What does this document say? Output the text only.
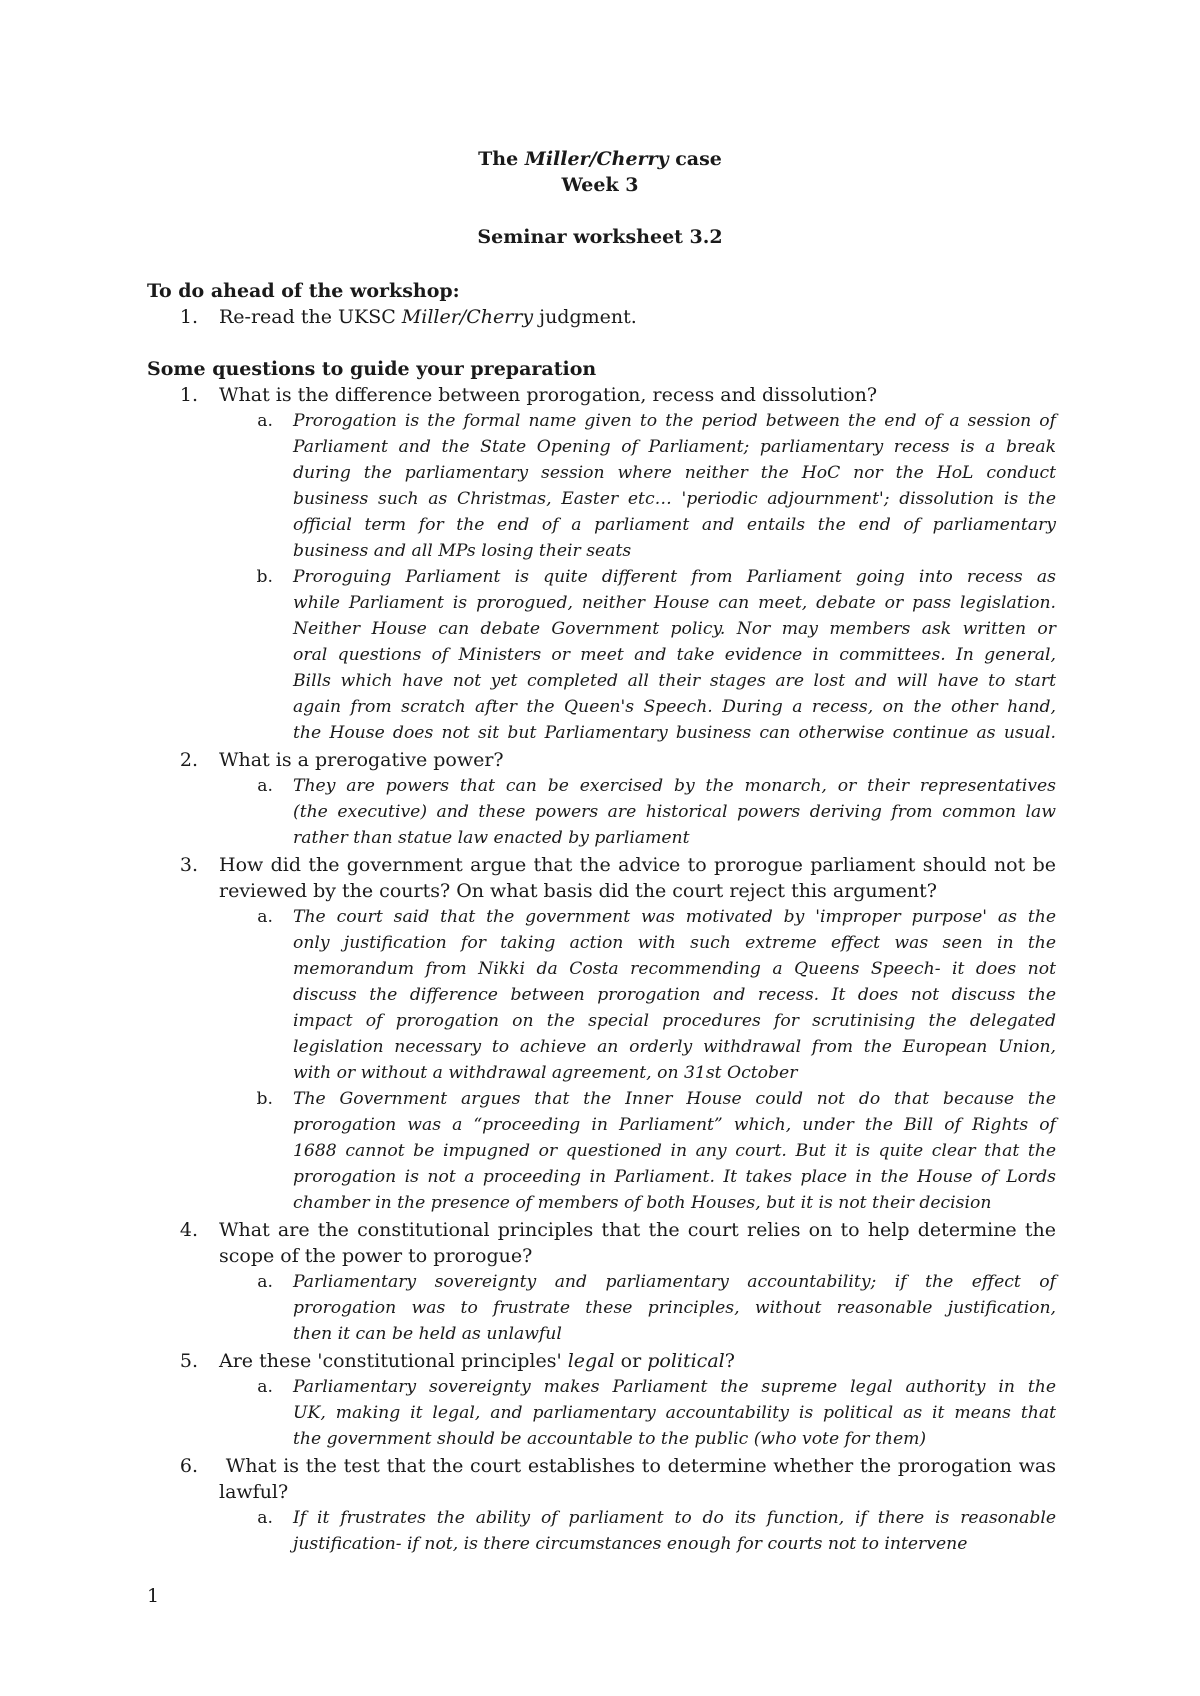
The Miller/Cherry case
Week 3
Seminar worksheet 3.2
To do ahead of the workshop:
1. Re-read the UKSC Miller/Cherry judgment.
Some questions to guide your preparation
1. What is the difference between prorogation, recess and dissolution?
a. Prorogation is the formal name given to the period between the end of a session of
Parliament and the State Opening of Parliament; parliamentary recess is a break
during the parliamentary session where neither the HoC nor the HoL conduct
business such as Christmas, Easter etc… 'periodic adjournment'; dissolution is the
official term for the end of a parliament and entails the end of parliamentary
business and all MPs losing their seats
b. Proroguing Parliament is quite different from Parliament going into recess as
while Parliament is prorogued, neither House can meet, debate or pass legislation.
Neither House can debate Government policy. Nor may members ask written or
oral questions of Ministers or meet and take evidence in committees. In general,
Bills which have not yet completed all their stages are lost and will have to start
again from scratch after the Queen's Speech. During a recess, on the other hand,
the House does not sit but Parliamentary business can otherwise continue as usual.
2. What is a prerogative power?
a. They are powers that can be exercised by the monarch, or their representatives
(the executive) and these powers are historical powers deriving from common law
rather than statue law enacted by parliament
3. How did the government argue that the advice to prorogue parliament should not be
reviewed by the courts? On what basis did the court reject this argument?
a. The court said that the government was motivated by 'improper purpose' as the
only justification for taking action with such extreme effect was seen in the
memorandum from Nikki da Costa recommending a Queens Speech- it does not
discuss the difference between prorogation and recess. It does not discuss the
impact of prorogation on the special procedures for scrutinising the delegated
legislation necessary to achieve an orderly withdrawal from the European Union,
with or without a withdrawal agreement, on 31st October
b. The Government argues that the Inner House could not do that because the
prorogation was a “proceeding in Parliament” which, under the Bill of Rights of
1688 cannot be impugned or questioned in any court. But it is quite clear that the
prorogation is not a proceeding in Parliament. It takes place in the House of Lords
chamber in the presence of members of both Houses, but it is not their decision
4. What are the constitutional principles that the court relies on to help determine the
scope of the power to prorogue?
a. Parliamentary sovereignty and parliamentary accountability; if the effect of
prorogation was to frustrate these principles, without reasonable justification,
then it can be held as unlawful
5. Are these 'constitutional principles' legal or political?
a. Parliamentary sovereignty makes Parliament the supreme legal authority in the
UK, making it legal, and parliamentary accountability is political as it means that
the government should be accountable to the public (who vote for them)
6. What is the test that the court establishes to determine whether the prorogation was
lawful?
a. If it frustrates the ability of parliament to do its function, if there is reasonable
justification- if not, is there circumstances enough for courts not to intervene
1
